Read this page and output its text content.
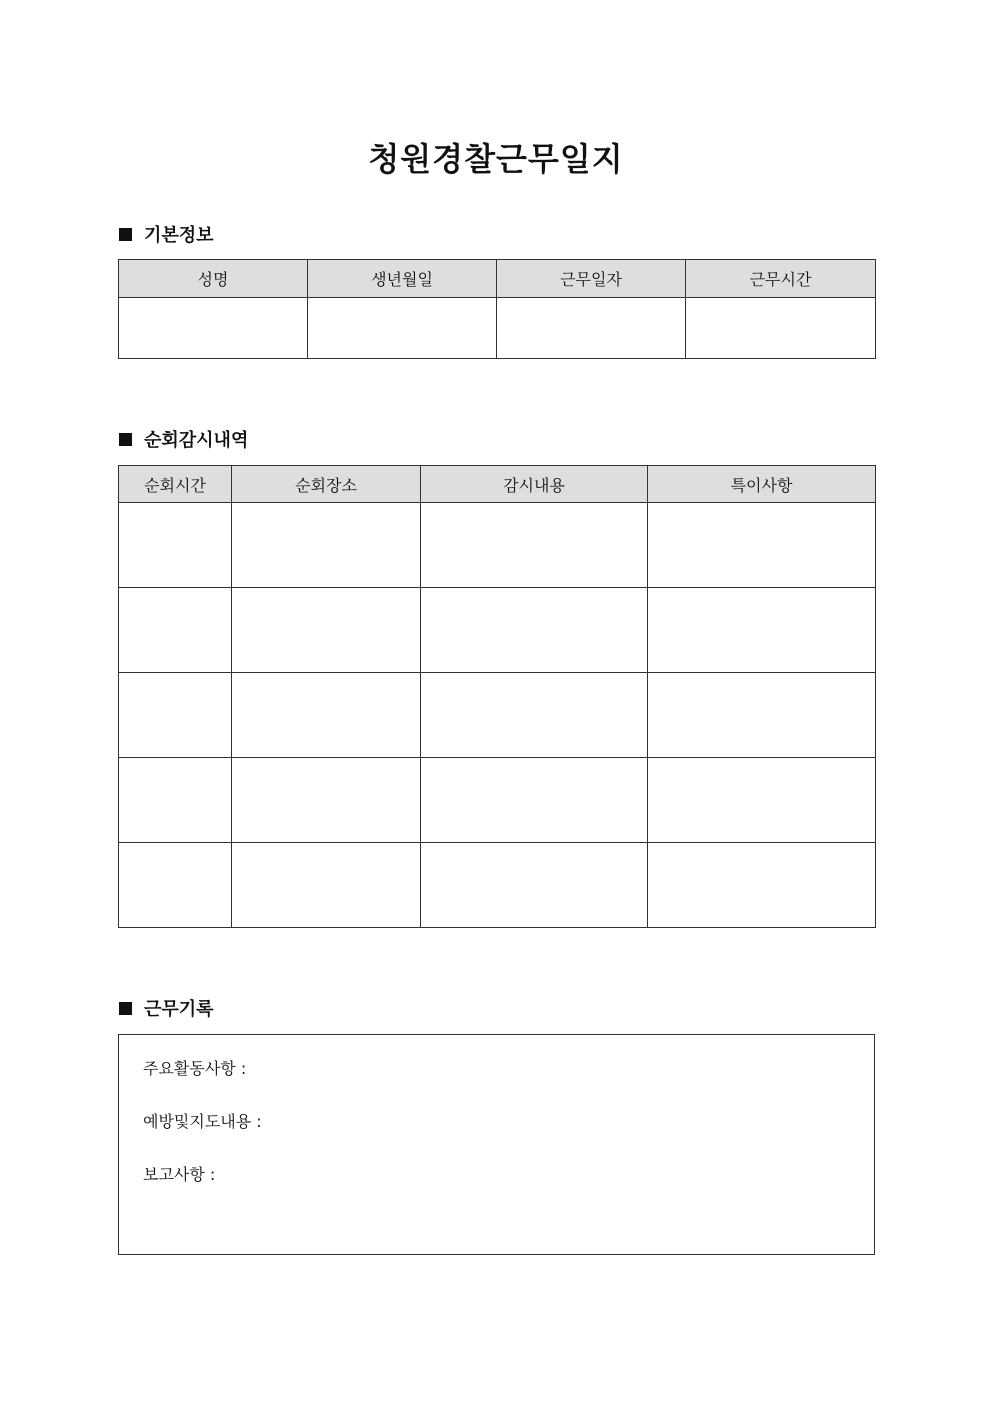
청원경찰근무일지
기본정보
성명	생년월일	근무일자	근무시간

순회감시내역
순회시간	순회장소	감시내용	특이사항

근무기록
주요활동사항 :
예방및지도내용 :
보고사항 :
